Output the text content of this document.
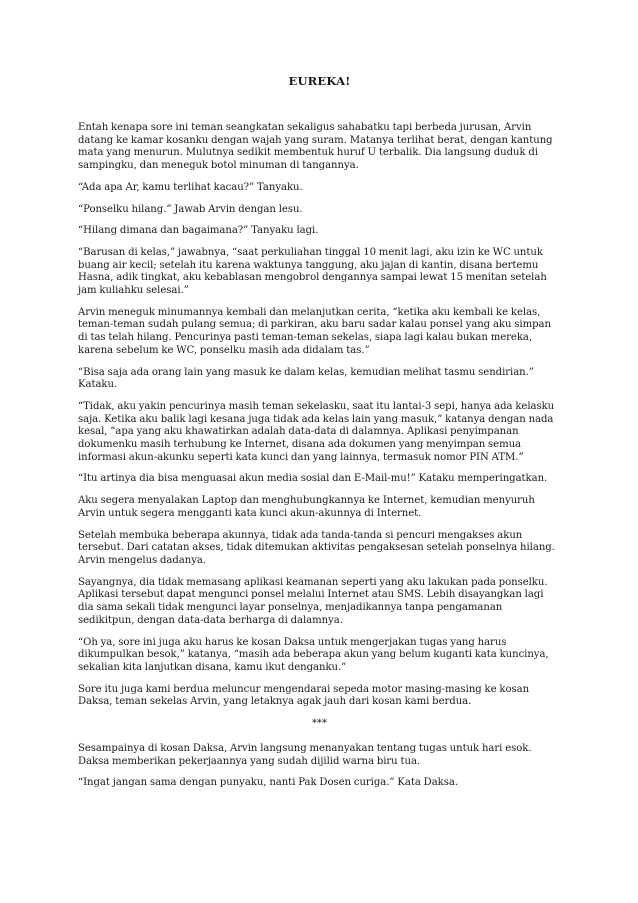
EUREKA!

Entah kenapa sore ini teman seangkatan sekaligus sahabatku tapi berbeda jurusan, Arvin datang ke kamar kosanku dengan wajah yang suram. Matanya terlihat berat, dengan kantung mata yang menurun. Mulutnya sedikit membentuk huruf U terbalik. Dia langsung duduk di sampingku, dan meneguk botol minuman di tangannya.

“Ada apa Ar, kamu terlihat kacau?” Tanyaku.

“Ponselku hilang.” Jawab Arvin dengan lesu.

“Hilang dimana dan bagaimana?” Tanyaku lagi.

“Barusan di kelas,” jawabnya, “saat perkuliahan tinggal 10 menit lagi, aku izin ke WC untuk buang air kecil; setelah itu karena waktunya tanggung, aku jajan di kantin, disana bertemu Hasna, adik tingkat, aku kebablasan mengobrol dengannya sampai lewat 15 menitan setelah jam kuliahku selesai.”

Arvin meneguk minumannya kembali dan melanjutkan cerita, “ketika aku kembali ke kelas, teman-teman sudah pulang semua; di parkiran, aku baru sadar kalau ponsel yang aku simpan di tas telah hilang. Pencurinya pasti teman-teman sekelas, siapa lagi kalau bukan mereka, karena sebelum ke WC, ponselku masih ada didalam tas.”

“Bisa saja ada orang lain yang masuk ke dalam kelas, kemudian melihat tasmu sendirian.” Kataku.

“Tidak, aku yakin pencurinya masih teman sekelasku, saat itu lantai-3 sepi, hanya ada kelasku saja. Ketika aku balik lagi kesana juga tidak ada kelas lain yang masuk,” katanya dengan nada kesal, “apa yang aku khawatirkan adalah data-data di dalamnya. Aplikasi penyimpanan dokumenku masih terhubung ke Internet, disana ada dokumen yang menyimpan semua informasi akun-akunku seperti kata kunci dan yang lainnya, termasuk nomor PIN ATM.”

“Itu artinya dia bisa menguasai akun media sosial dan E-Mail-mu!” Kataku memperingatkan.

Aku segera menyalakan Laptop dan menghubungkannya ke Internet, kemudian menyuruh Arvin untuk segera mengganti kata kunci akun-akunnya di Internet.

Setelah membuka beberapa akunnya, tidak ada tanda-tanda si pencuri mengakses akun tersebut. Dari catatan akses, tidak ditemukan aktivitas pengaksesan setelah ponselnya hilang. Arvin mengelus dadanya.

Sayangnya, dia tidak memasang aplikasi keamanan seperti yang aku lakukan pada ponselku. Aplikasi tersebut dapat mengunci ponsel melalui Internet atau SMS. Lebih disayangkan lagi dia sama sekali tidak mengunci layar ponselnya, menjadikannya tanpa pengamanan sedikitpun, dengan data-data berharga di dalamnya.

“Oh ya, sore ini juga aku harus ke kosan Daksa untuk mengerjakan tugas yang harus dikumpulkan besok,” katanya, “masih ada beberapa akun yang belum kuganti kata kuncinya, sekalian kita lanjutkan disana, kamu ikut denganku.”

Sore itu juga kami berdua meluncur mengendarai sepeda motor masing-masing ke kosan Daksa, teman sekelas Arvin, yang letaknya agak jauh dari kosan kami berdua.

***

Sesampainya di kosan Daksa, Arvin langsung menanyakan tentang tugas untuk hari esok. Daksa memberikan pekerjaannya yang sudah dijilid warna biru tua.

“Ingat jangan sama dengan punyaku, nanti Pak Dosen curiga.” Kata Daksa.
